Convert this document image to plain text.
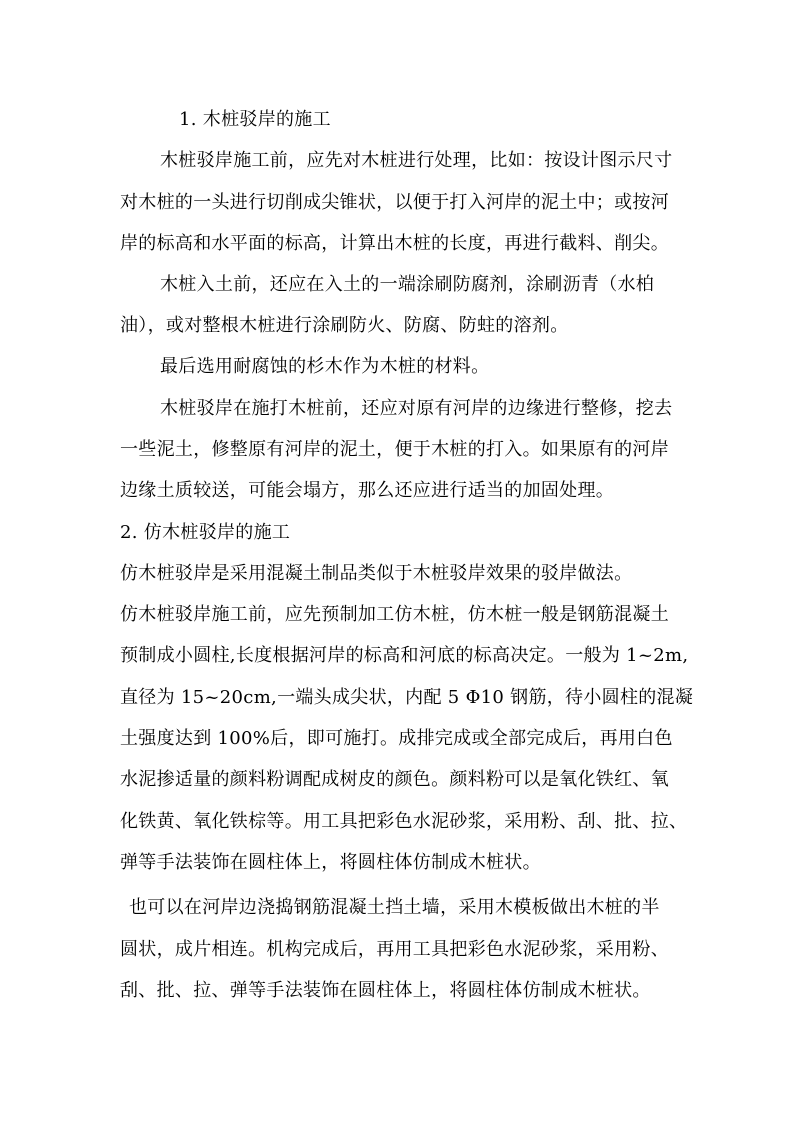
1. 木桩驳岸的施工
木桩驳岸施工前，应先对木桩进行处理，比如：按设计图示尺寸
对木桩的一头进行切削成尖锥状，以便于打入河岸的泥土中；或按河
岸的标高和水平面的标高，计算出木桩的长度，再进行截料、削尖。
木桩入土前，还应在入土的一端涂刷防腐剂，涂刷沥青（水柏
油），或对整根木桩进行涂刷防火、防腐、防蛀的溶剂。
最后选用耐腐蚀的杉木作为木桩的材料。
木桩驳岸在施打木桩前，还应对原有河岸的边缘进行整修，挖去
一些泥土，修整原有河岸的泥土，便于木桩的打入。如果原有的河岸
边缘土质较送，可能会塌方，那么还应进行适当的加固处理。
2. 仿木桩驳岸的施工
仿木桩驳岸是采用混凝土制品类似于木桩驳岸效果的驳岸做法。
仿木桩驳岸施工前，应先预制加工仿木桩，仿木桩一般是钢筋混凝土
预制成小圆柱,长度根据河岸的标高和河底的标高决定。一般为 1~2m,
直径为 15~20cm,一端头成尖状，内配 5 Φ10 钢筋，待小圆柱的混凝
土强度达到 100%后，即可施打。成排完成或全部完成后，再用白色
水泥掺适量的颜料粉调配成树皮的颜色。颜料粉可以是氧化铁红、氧
化铁黄、氧化铁棕等。用工具把彩色水泥砂浆，采用粉、刮、批、拉、
弹等手法装饰在圆柱体上，将圆柱体仿制成木桩状。
也可以在河岸边浇捣钢筋混凝土挡土墙，采用木模板做出木桩的半
圆状，成片相连。机构完成后，再用工具把彩色水泥砂浆，采用粉、
刮、批、拉、弹等手法装饰在圆柱体上，将圆柱体仿制成木桩状。
